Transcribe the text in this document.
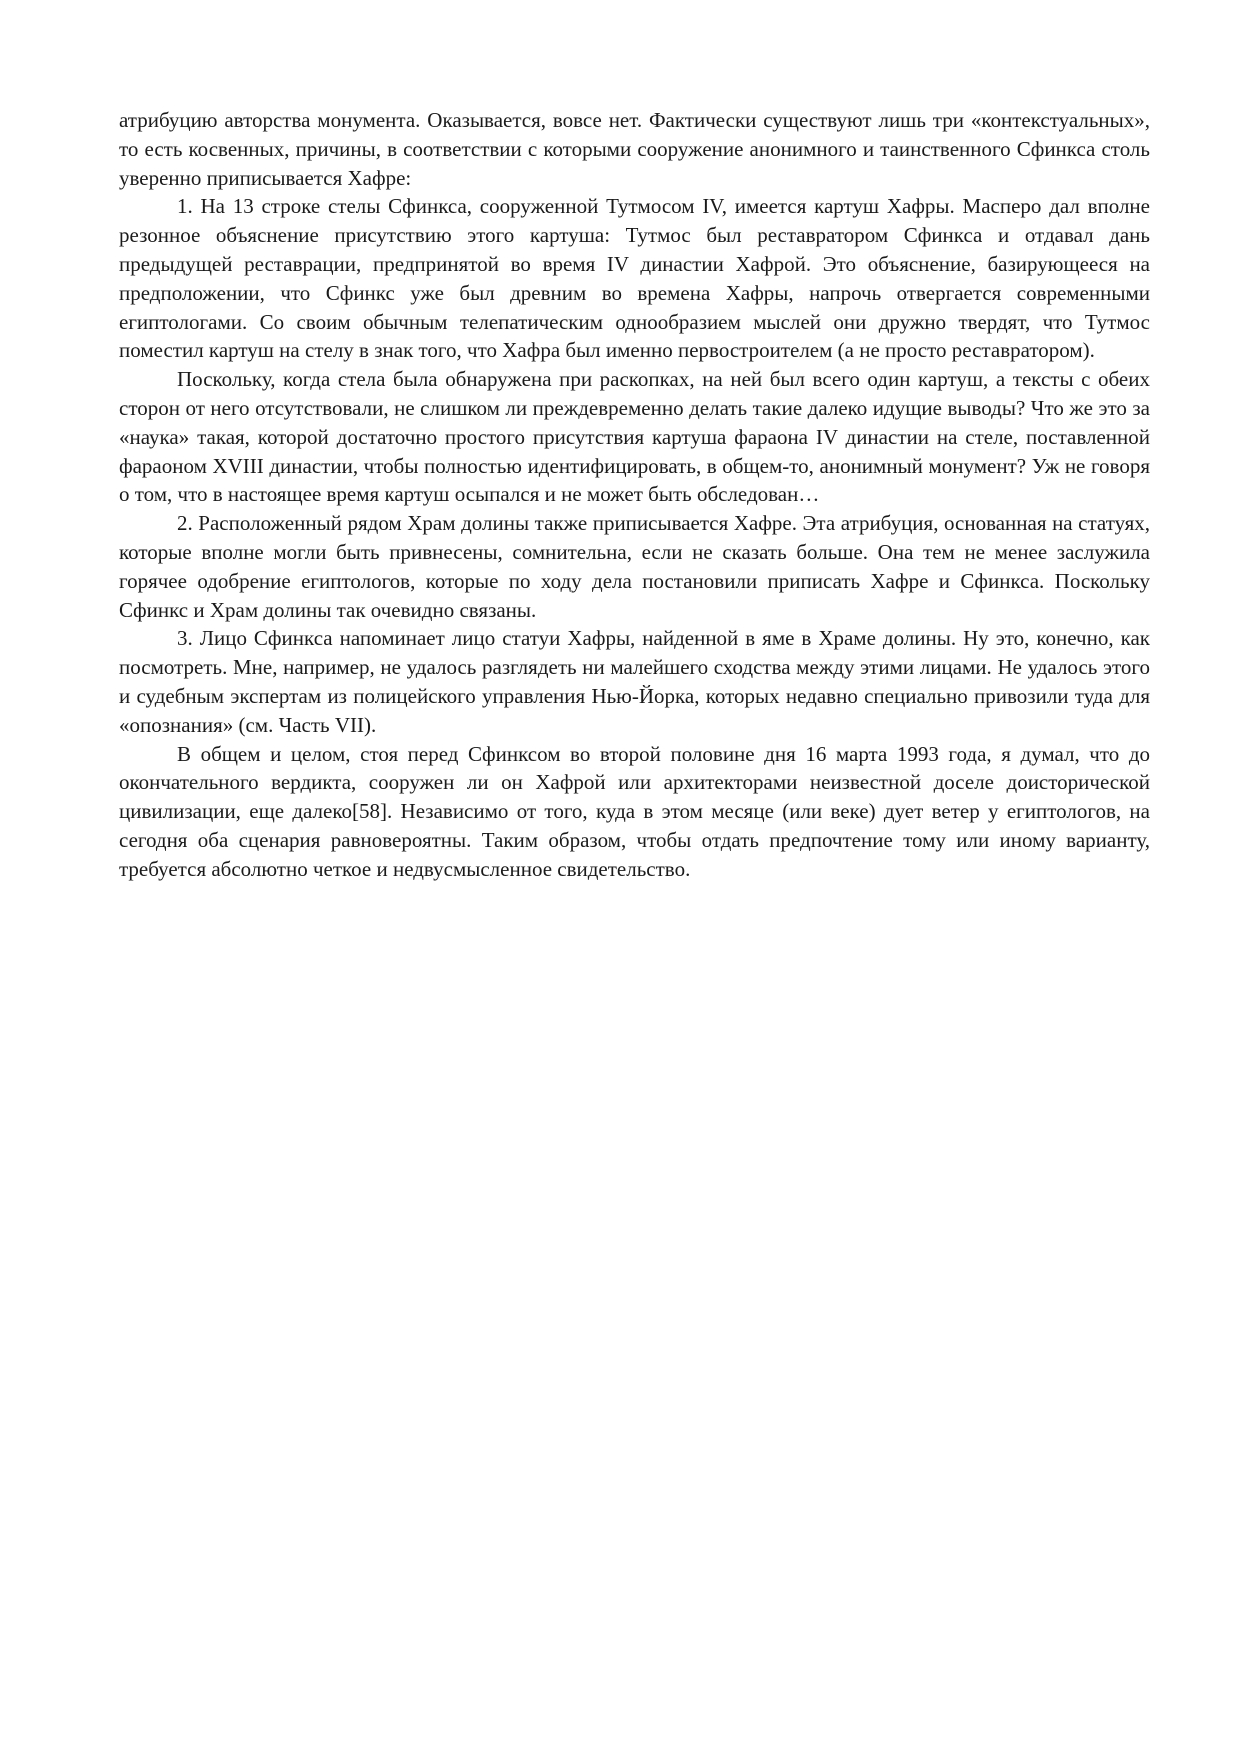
атрибуцию авторства монумента. Оказывается, вовсе нет. Фактически существуют лишь три «контекстуальных», то есть косвенных, причины, в соответствии с которыми сооружение анонимного и таинственного Сфинкса столь уверенно приписывается Хафре:

1. На 13 строке стелы Сфинкса, сооруженной Тутмосом IV, имеется картуш Хафры. Масперо дал вполне резонное объяснение присутствию этого картуша: Тутмос был реставратором Сфинкса и отдавал дань предыдущей реставрации, предпринятой во время IV династии Хафрой. Это объяснение, базирующееся на предположении, что Сфинкс уже был древним во времена Хафры, напрочь отвергается современными египтологами. Со своим обычным телепатическим однообразием мыслей они дружно твердят, что Тутмос поместил картуш на стелу в знак того, что Хафра был именно первостроителем (а не просто реставратором).

Поскольку, когда стела была обнаружена при раскопках, на ней был всего один картуш, а тексты с обеих сторон от него отсутствовали, не слишком ли преждевременно делать такие далеко идущие выводы? Что же это за «наука» такая, которой достаточно простого присутствия картуша фараона IV династии на стеле, поставленной фараоном XVIII династии, чтобы полностью идентифицировать, в общем-то, анонимный монумент? Уж не говоря о том, что в настоящее время картуш осыпался и не может быть обследован…

2. Расположенный рядом Храм долины также приписывается Хафре. Эта атрибуция, основанная на статуях, которые вполне могли быть привнесены, сомнительна, если не сказать больше. Она тем не менее заслужила горячее одобрение египтологов, которые по ходу дела постановили приписать Хафре и Сфинкса. Поскольку Сфинкс и Храм долины так очевидно связаны.

3. Лицо Сфинкса напоминает лицо статуи Хафры, найденной в яме в Храме долины. Ну это, конечно, как посмотреть. Мне, например, не удалось разглядеть ни малейшего сходства между этими лицами. Не удалось этого и судебным экспертам из полицейского управления Нью-Йорка, которых недавно специально привозили туда для «опознания» (см. Часть VII).

В общем и целом, стоя перед Сфинксом во второй половине дня 16 марта 1993 года, я думал, что до окончательного вердикта, сооружен ли он Хафрой или архитекторами неизвестной доселе доисторической цивилизации, еще далеко[58]. Независимо от того, куда в этом месяце (или веке) дует ветер у египтологов, на сегодня оба сценария равновероятны. Таким образом, чтобы отдать предпочтение тому или иному варианту, требуется абсолютно четкое и недвусмысленное свидетельство.
